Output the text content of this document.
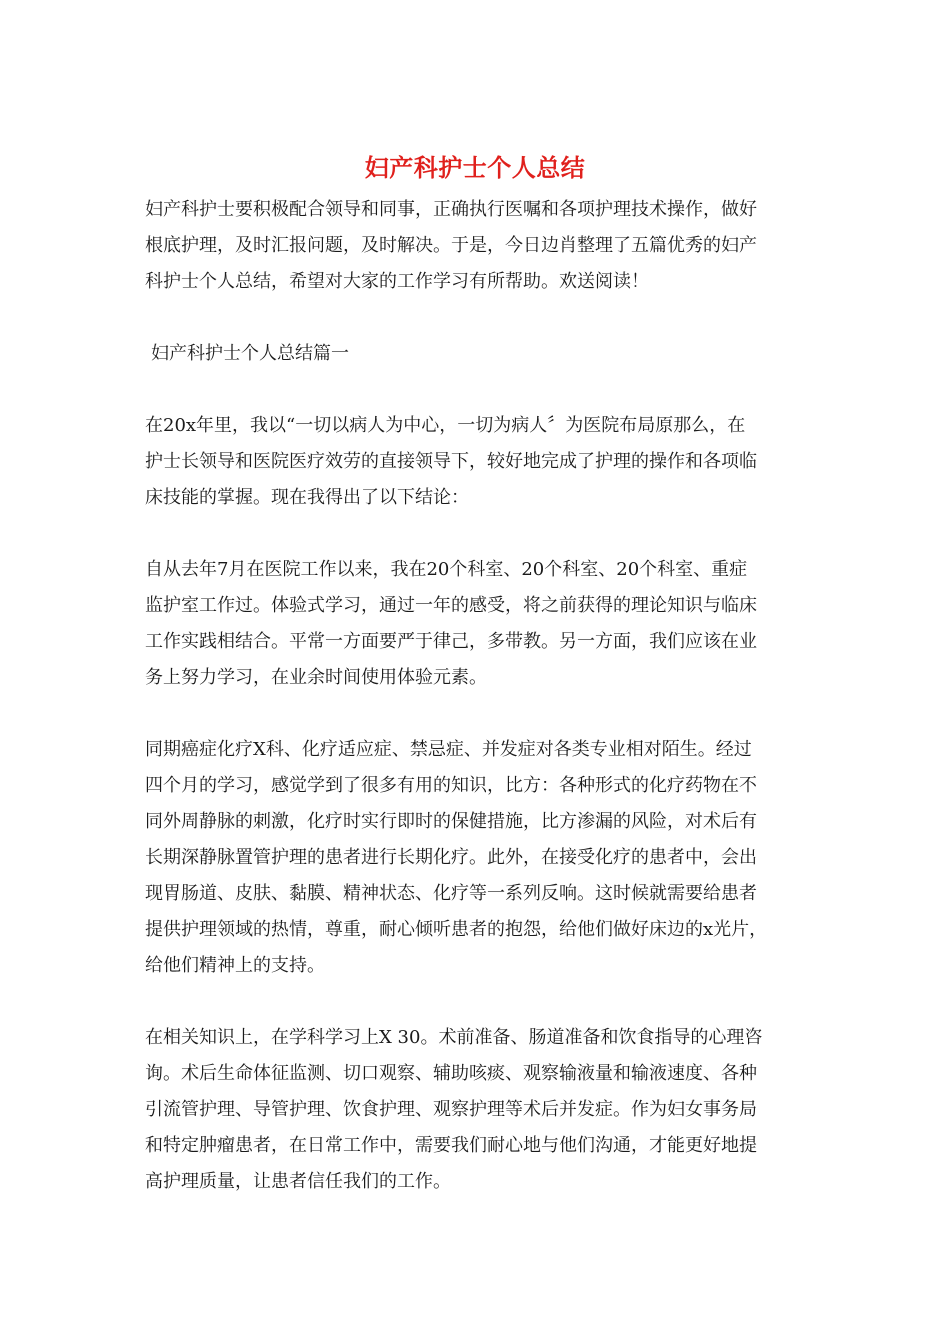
妇产科护士个人总结
妇产科护士要积极配合领导和同事，正确执行医嘱和各项护理技术操作，做好
根底护理，及时汇报问题，及时解决。于是，今日边肖整理了五篇优秀的妇产
科护士个人总结，希望对大家的工作学习有所帮助。欢送阅读！
妇产科护士个人总结篇一
在20x年里，我以“一切以病人为中心，一切为病人〞为医院布局原那么，在
护士长领导和医院医疗效劳的直接领导下，较好地完成了护理的操作和各项临
床技能的掌握。现在我得出了以下结论：
自从去年7月在医院工作以来，我在20个科室、20个科室、20个科室、重症
监护室工作过。体验式学习，通过一年的感受，将之前获得的理论知识与临床
工作实践相结合。平常一方面要严于律己，多带教。另一方面，我们应该在业
务上努力学习，在业余时间使用体验元素。
同期癌症化疗X科、化疗适应症、禁忌症、并发症对各类专业相对陌生。经过
四个月的学习，感觉学到了很多有用的知识，比方：各种形式的化疗药物在不
同外周静脉的刺激，化疗时实行即时的保健措施，比方渗漏的风险，对术后有
长期深静脉置管护理的患者进行长期化疗。此外，在接受化疗的患者中，会出
现胃肠道、皮肤、黏膜、精神状态、化疗等一系列反响。这时候就需要给患者
提供护理领域的热情，尊重，耐心倾听患者的抱怨，给他们做好床边的x光片，
给他们精神上的支持。
在相关知识上，在学科学习上X 30。术前准备、肠道准备和饮食指导的心理咨
询。术后生命体征监测、切口观察、辅助咳痰、观察输液量和输液速度、各种
引流管护理、导管护理、饮食护理、观察护理等术后并发症。作为妇女事务局
和特定肿瘤患者，在日常工作中，需要我们耐心地与他们沟通，才能更好地提
高护理质量，让患者信任我们的工作。
